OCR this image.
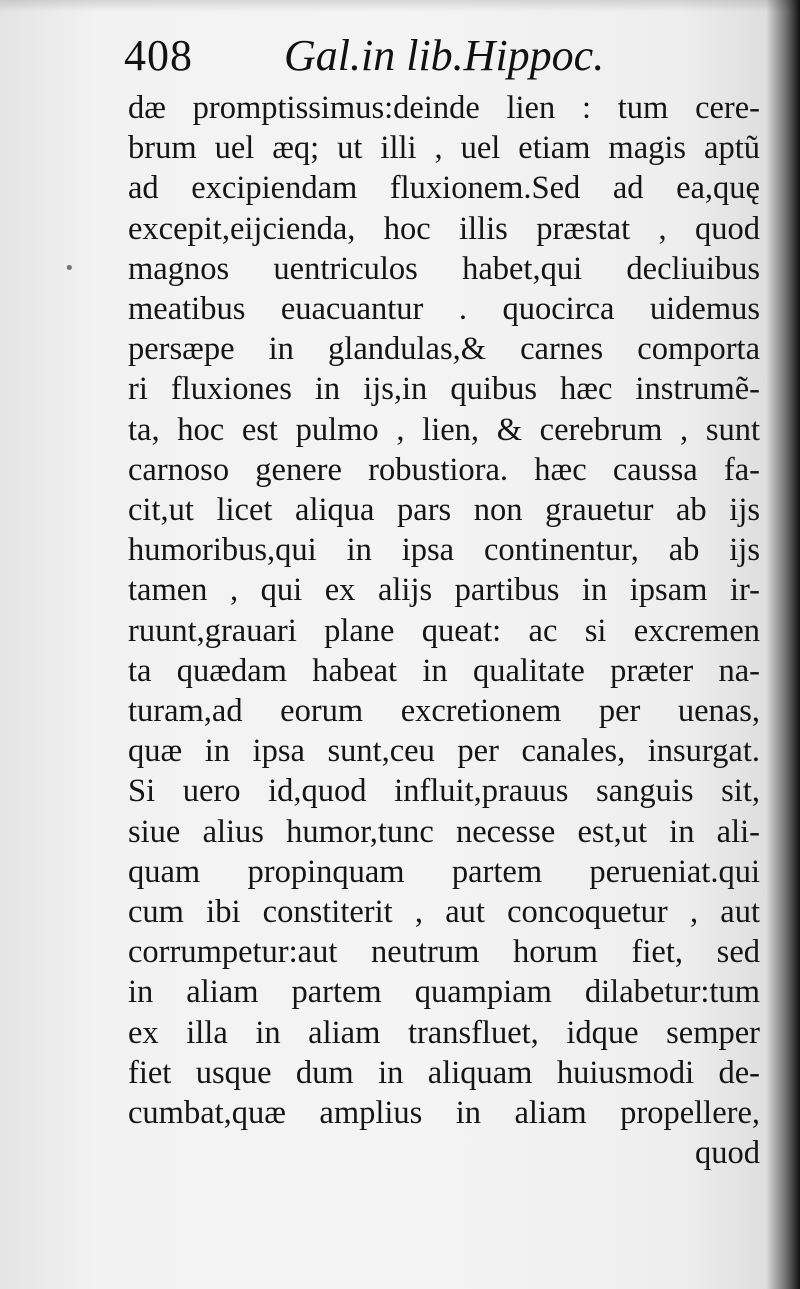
408 Gal.in lib.Hippoc.
•
dæ promptissimus:deinde lien : tum cere-
brum uel æq; ut illi , uel etiam magis aptũ
ad excipiendam fluxionem.Sed ad ea,quę
excepit,eijcienda, hoc illis præstat , quod
magnos uentriculos habet,qui decliuibus
meatibus euacuantur . quocirca uidemus
persæpe in glandulas,& carnes comporta
ri fluxiones in ijs,in quibus hæc instrumẽ-
ta, hoc est pulmo , lien, & cerebrum , sunt
carnoso genere robustiora. hæc caussa fa-
cit,ut licet aliqua pars non grauetur ab ijs
humoribus,qui in ipsa continentur, ab ijs
tamen , qui ex alijs partibus in ipsam ir-
ruunt,grauari plane queat: ac si excremen
ta quædam habeat in qualitate præter na-
turam,ad eorum excretionem per uenas,
quæ in ipsa sunt,ceu per canales, insurgat.
Si uero id,quod influit,prauus sanguis sit,
siue alius humor,tunc necesse est,ut in ali-
quam propinquam partem perueniat.qui
cum ibi constiterit , aut concoquetur , aut
corrumpetur:aut neutrum horum fiet, sed
in aliam partem quampiam dilabetur:tum
ex illa in aliam transfluet, idque semper
fiet usque dum in aliquam huiusmodi de-
cumbat,quæ amplius in aliam propellere,
quod
